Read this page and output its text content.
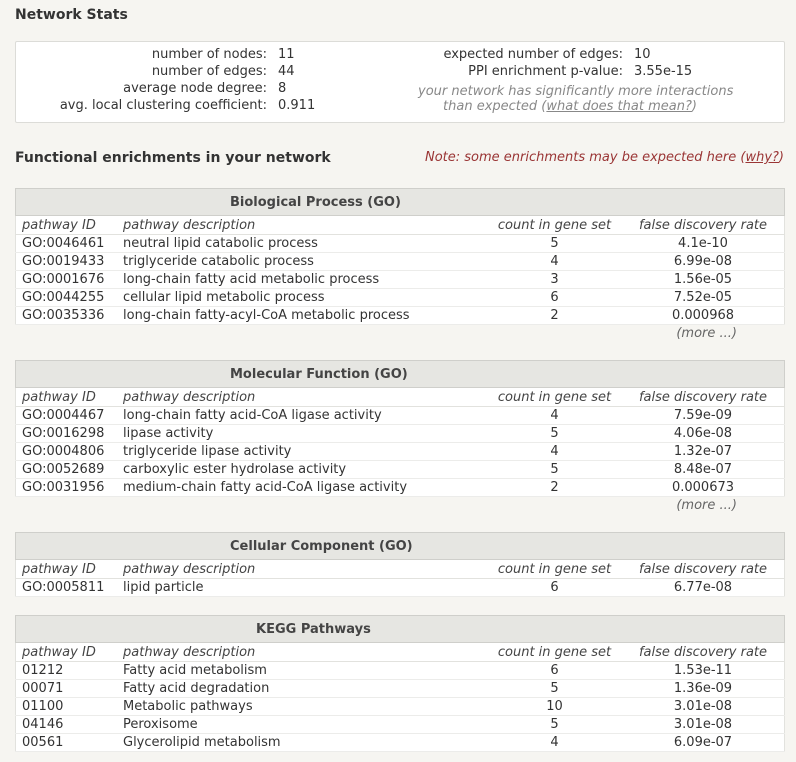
Network Stats
number of nodes: 11
number of edges: 44
average node degree: 8
avg. local clustering coefficient: 0.911
expected number of edges: 10
PPI enrichment p-value: 3.55e-15
your network has significantly more interactions
than expected (what does that mean?)
Functional enrichments in your network	Note: some enrichments may be expected here (why?)
Biological Process (GO)
pathway ID	pathway description	count in gene set	false discovery rate
GO:0046461	neutral lipid catabolic process	5	4.1e-10
GO:0019433	triglyceride catabolic process	4	6.99e-08
GO:0001676	long-chain fatty acid metabolic process	3	1.56e-05
GO:0044255	cellular lipid metabolic process	6	7.52e-05
GO:0035336	long-chain fatty-acyl-CoA metabolic process	2	0.000968
(more ...)
Molecular Function (GO)
pathway ID	pathway description	count in gene set	false discovery rate
GO:0004467	long-chain fatty acid-CoA ligase activity	4	7.59e-09
GO:0016298	lipase activity	5	4.06e-08
GO:0004806	triglyceride lipase activity	4	1.32e-07
GO:0052689	carboxylic ester hydrolase activity	5	8.48e-07
GO:0031956	medium-chain fatty acid-CoA ligase activity	2	0.000673
(more ...)
Cellular Component (GO)
pathway ID	pathway description	count in gene set	false discovery rate
GO:0005811	lipid particle	6	6.77e-08
KEGG Pathways
pathway ID	pathway description	count in gene set	false discovery rate
01212	Fatty acid metabolism	6	1.53e-11
00071	Fatty acid degradation	5	1.36e-09
01100	Metabolic pathways	10	3.01e-08
04146	Peroxisome	5	3.01e-08
00561	Glycerolipid metabolism	4	6.09e-07
